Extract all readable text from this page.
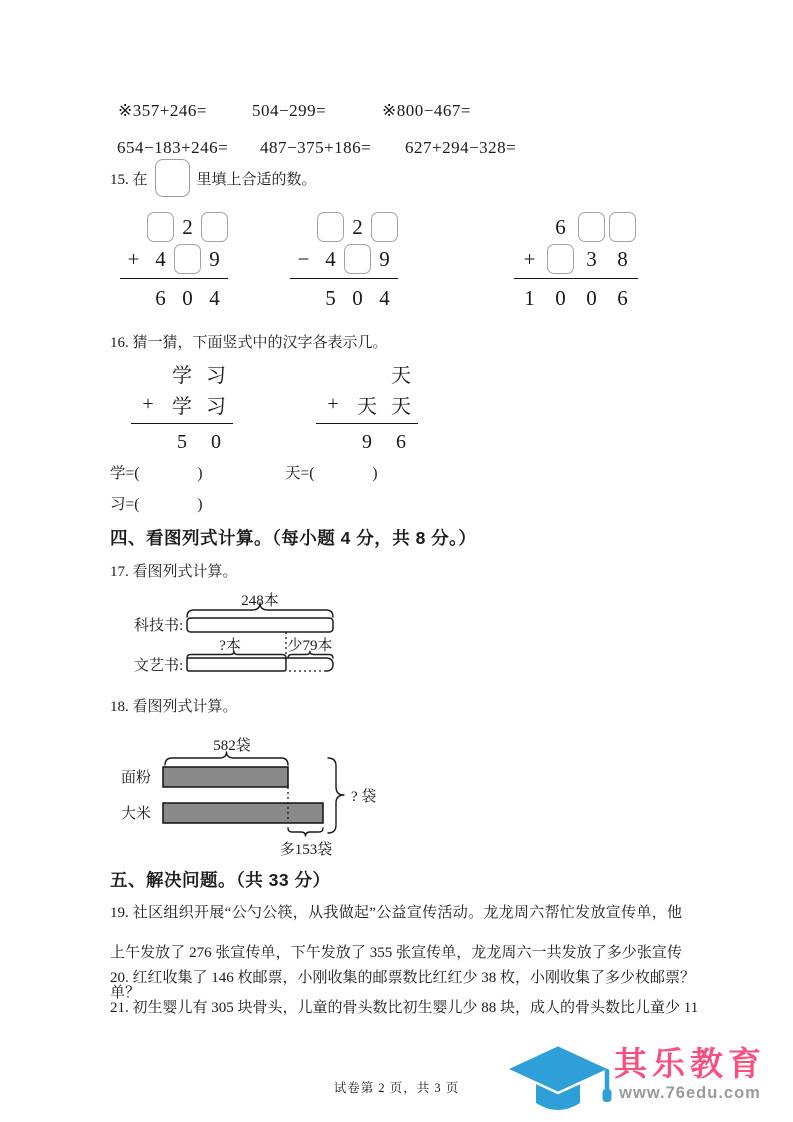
※357+246=	504−299=	※800−467=
654−183+246= 487−375+186= 627+294−328=
15. 在	里填上合适的数。
2
+ 4	9
6 0 4
2
− 4	9
5 0 4
6
+	3 8
1 0 0 6
16. 猜一猜，下面竖式中的汉字各表示几。
学 习
+ 学 习
5	0
天
+ 天 天
9	6
学=(	)	天=(	)
习=(	)
四、看图列式计算。（每小题 4 分，共 8 分。）
17. 看图列式计算。
248本
科技书:
?本	少79本
文艺书:
18. 看图列式计算。
582袋
面粉
大米
? 袋
多153袋
五、解决问题。（共 33 分）
19. 社区组织开展“公勺公筷，从我做起”公益宣传活动。龙龙周六帮忙发放宣传单，他上午发放了 276 张宣传单，下午发放了 355 张宣传单，龙龙周六一共发放了多少张宣传单？
20. 红红收集了 146 枚邮票，小刚收集的邮票数比红红少 38 枚，小刚收集了多少枚邮票？
21. 初生婴儿有 305 块骨头，儿童的骨头数比初生婴儿少 88 块，成人的骨头数比儿童少 11
试卷第 2 页，共 3 页
其乐教育
www.76edu.com
